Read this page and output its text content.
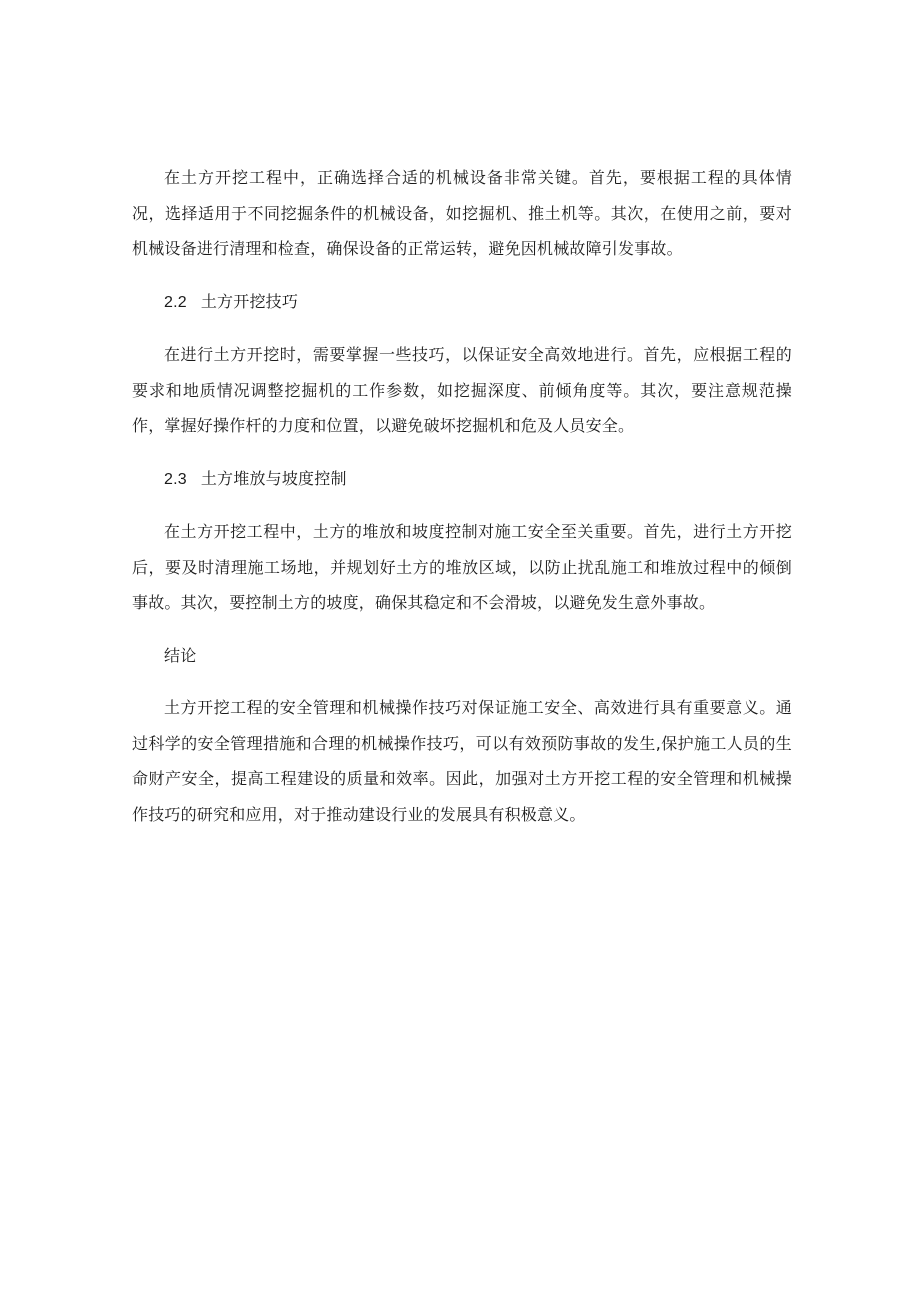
在土方开挖工程中，正确选择合适的机械设备非常关键。首先，要根据工程的具体情况，选择适用于不同挖掘条件的机械设备，如挖掘机、推土机等。其次，在使用之前，要对机械设备进行清理和检查，确保设备的正常运转，避免因机械故障引发事故。

2.2 土方开挖技巧

在进行土方开挖时，需要掌握一些技巧，以保证安全高效地进行。首先，应根据工程的要求和地质情况调整挖掘机的工作参数，如挖掘深度、前倾角度等。其次，要注意规范操作，掌握好操作杆的力度和位置，以避免破坏挖掘机和危及人员安全。

2.3 土方堆放与坡度控制

在土方开挖工程中，土方的堆放和坡度控制对施工安全至关重要。首先，进行土方开挖后，要及时清理施工场地，并规划好土方的堆放区域，以防止扰乱施工和堆放过程中的倾倒事故。其次，要控制土方的坡度，确保其稳定和不会滑坡，以避免发生意外事故。

结论

土方开挖工程的安全管理和机械操作技巧对保证施工安全、高效进行具有重要意义。通过科学的安全管理措施和合理的机械操作技巧，可以有效预防事故的发生,保护施工人员的生命财产安全，提高工程建设的质量和效率。因此，加强对土方开挖工程的安全管理和机械操作技巧的研究和应用，对于推动建设行业的发展具有积极意义。
